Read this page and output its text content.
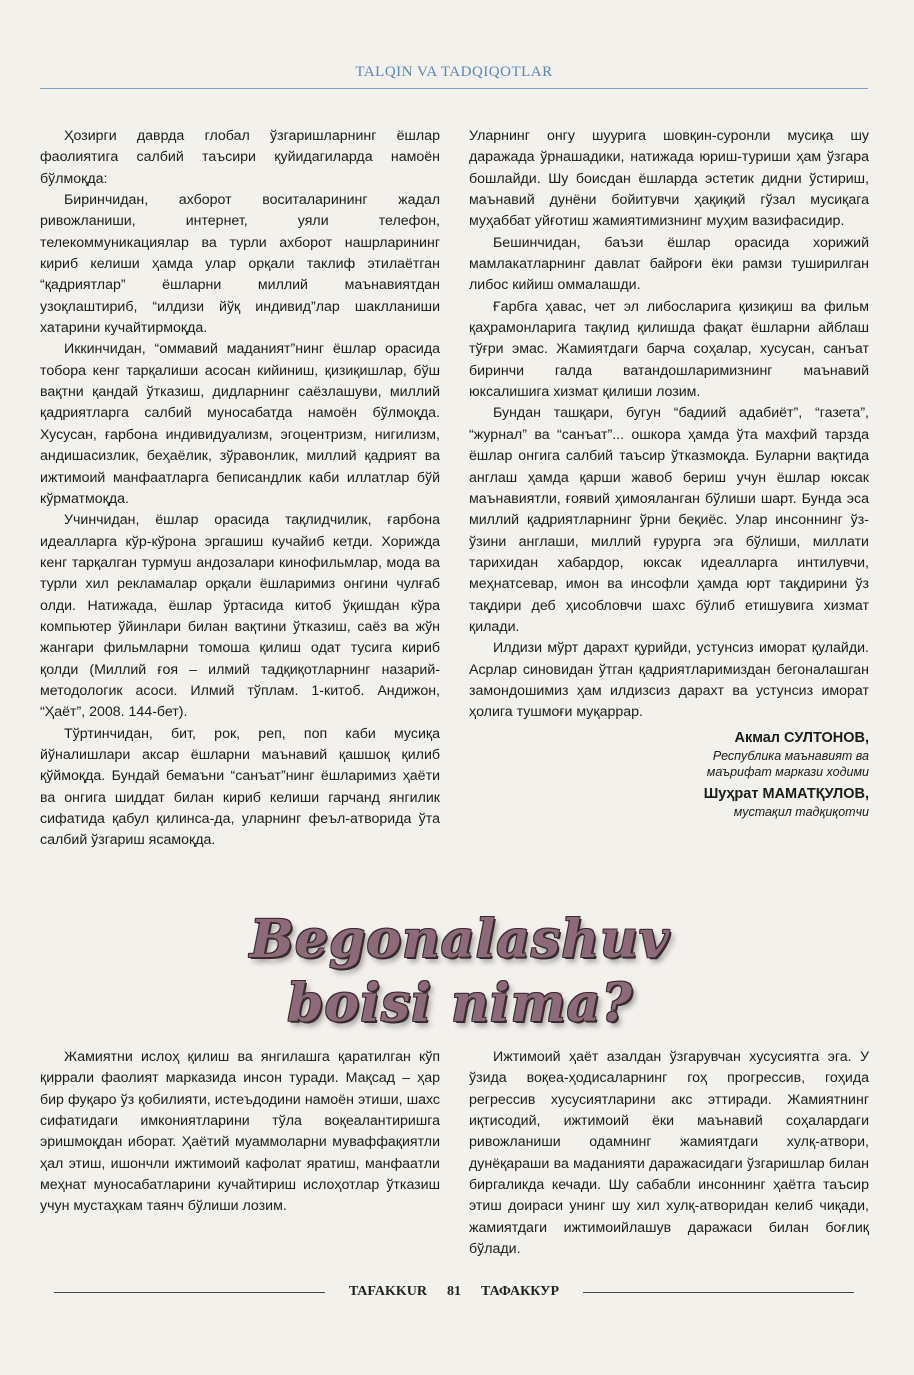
TALQIN VA TADQIQOTLAR

Ҳозирги даврда глобал ўзгаришларнинг ёшлар фаолиятига салбий таъсири қуйидагиларда намоён бўлмоқда:

Биринчидан, ахборот воситаларининг жадал ривожланиши, интернет, уяли телефон, телекоммуникациялар ва турли ахборот нашрларининг кириб келиши ҳамда улар орқали таклиф этилаётган “қадриятлар” ёшларни миллий маънавиятдан узоқлаштириб, “илдизи йўқ индивид”лар шаклланиши хатарини кучайтирмоқда.

Иккинчидан, “оммавий маданият”нинг ёшлар орасида тобора кенг тарқалиши асосан кийиниш, қизиқишлар, бўш вақтни қандай ўтказиш, дидларнинг саёзлашуви, миллий қадриятларга салбий муносабатда намоён бўлмоқда. Хусусан, ғарбона индивидуализм, эгоцентризм, нигилизм, андишасизлик, беҳаёлик, зўравонлик, миллий қадрият ва ижтимоий манфаатларга беписандлик каби иллатлар бўй кўрматмоқда.

Учинчидан, ёшлар орасида тақлидчилик, ғарбона идеалларга кўр-кўрона эргашиш кучайиб кетди. Хорижда кенг тарқалган турмуш андозалари кинофильмлар, мода ва турли хил рекламалар орқали ёшларимиз онгини чулғаб олди. Натижада, ёшлар ўртасида китоб ўқишдан кўра компьютер ўйинлари билан вақтини ўтказиш, саёз ва жўн жангари фильмларни томоша қилиш одат тусига кириб қолди (Миллий ғоя – илмий тадқиқотларнинг назарий-методологик асоси. Илмий тўплам. 1-китоб. Андижон, “Ҳаёт”, 2008. 144-бет).

Тўртинчидан, бит, рок, реп, поп каби мусиқа йўналишлари аксар ёшларни маънавий қашшоқ қилиб қўймоқда. Бундай бемаъни “санъат”нинг ёшларимиз ҳаёти ва онгига шиддат билан кириб келиши гарчанд янгилик сифатида қабул қилинса-да, уларнинг феъл-атворида ўта салбий ўзгариш ясамоқда.

Уларнинг онгу шуурига шовқин-суронли мусиқа шу даражада ўрнашадики, натижада юриш-туриши ҳам ўзгара бошлайди. Шу боисдан ёшларда эстетик дидни ўстириш, маънавий дунёни бойитувчи ҳақиқий гўзал мусиқага муҳаббат уйғотиш жамиятимизнинг муҳим вазифасидир.

Бешинчидан, баъзи ёшлар орасида хорижий мамлакатларнинг давлат байроғи ёки рамзи туширилган либос кийиш оммалашди.

Ғарбга ҳавас, чет эл либосларига қизиқиш ва фильм қаҳрамонларига тақлид қилишда фақат ёшларни айблаш тўғри эмас. Жамиятдаги барча соҳалар, хусусан, санъат биринчи галда ватандошларимизнинг маънавий юксалишига хизмат қилиши лозим.

Бундан ташқари, бугун “бадиий адабиёт”, “газета”, “журнал” ва “санъат”... ошкора ҳамда ўта махфий тарзда ёшлар онгига салбий таъсир ўтказмоқда. Буларни вақтида англаш ҳамда қарши жавоб бериш учун ёшлар юксак маънавиятли, ғоявий ҳимояланган бўлиши шарт. Бунда эса миллий қадриятларнинг ўрни беқиёс. Улар инсоннинг ўз-ўзини англаши, миллий ғурурга эга бўлиши, миллати тарихидан хабардор, юксак идеалларга интилувчи, меҳнатсевар, имон ва инсофли ҳамда юрт тақдирини ўз тақдири деб ҳисобловчи шахс бўлиб етишувига хизмат қилади.

Илдизи мўрт дарахт қурийди, устунсиз иморат қулайди. Асрлар синовидан ўтган қадриятларимиздан бегоналашган замондошимиз ҳам илдизсиз дарахт ва устунсиз иморат ҳолига тушмоғи муқаррар.

Акмал СУЛТОНОВ,
Республика маънавият ва маърифат маркази ходими
Шуҳрат МАМАТҚУЛОВ,
мустақил тадқиқотчи
Begonalashuv
boisi nima?

Жамиятни ислоҳ қилиш ва янгилашга қаратилган кўп қиррали фаолият марказида инсон туради. Мақсад – ҳар бир фуқаро ўз қобилияти, истеъдодини намоён этиши, шахс сифатидаги имкониятларини тўла воқеалантиришга эришмоқдан иборат. Ҳаётий муаммоларни муваффақиятли ҳал этиш, ишончли ижтимоий кафолат яратиш, манфаатли меҳнат муносабатларини кучайтириш ислоҳотлар ўтказиш учун мустаҳкам таянч бўлиши лозим.

Ижтимоий ҳаёт азалдан ўзгарувчан хусусиятга эга. У ўзида воқеа-ҳодисаларнинг гоҳ прогрессив, гоҳида регрессив хусусиятларини акс эттиради. Жамиятнинг иқтисодий, ижтимоий ёки маънавий соҳалардаги ривожланиши одамнинг жамиятдаги хулқ-атвори, дунёқараши ва маданияти даражасидаги ўзгаришлар билан биргаликда кечади. Шу сабабли инсоннинг ҳаётга таъсир этиш доираси унинг шу хил хулқ-атворидан келиб чиқади, жамиятдаги ижтимоийлашув даражаси билан боғлиқ бўлади.

TAFAKKUR 81 ТАФАККУР
